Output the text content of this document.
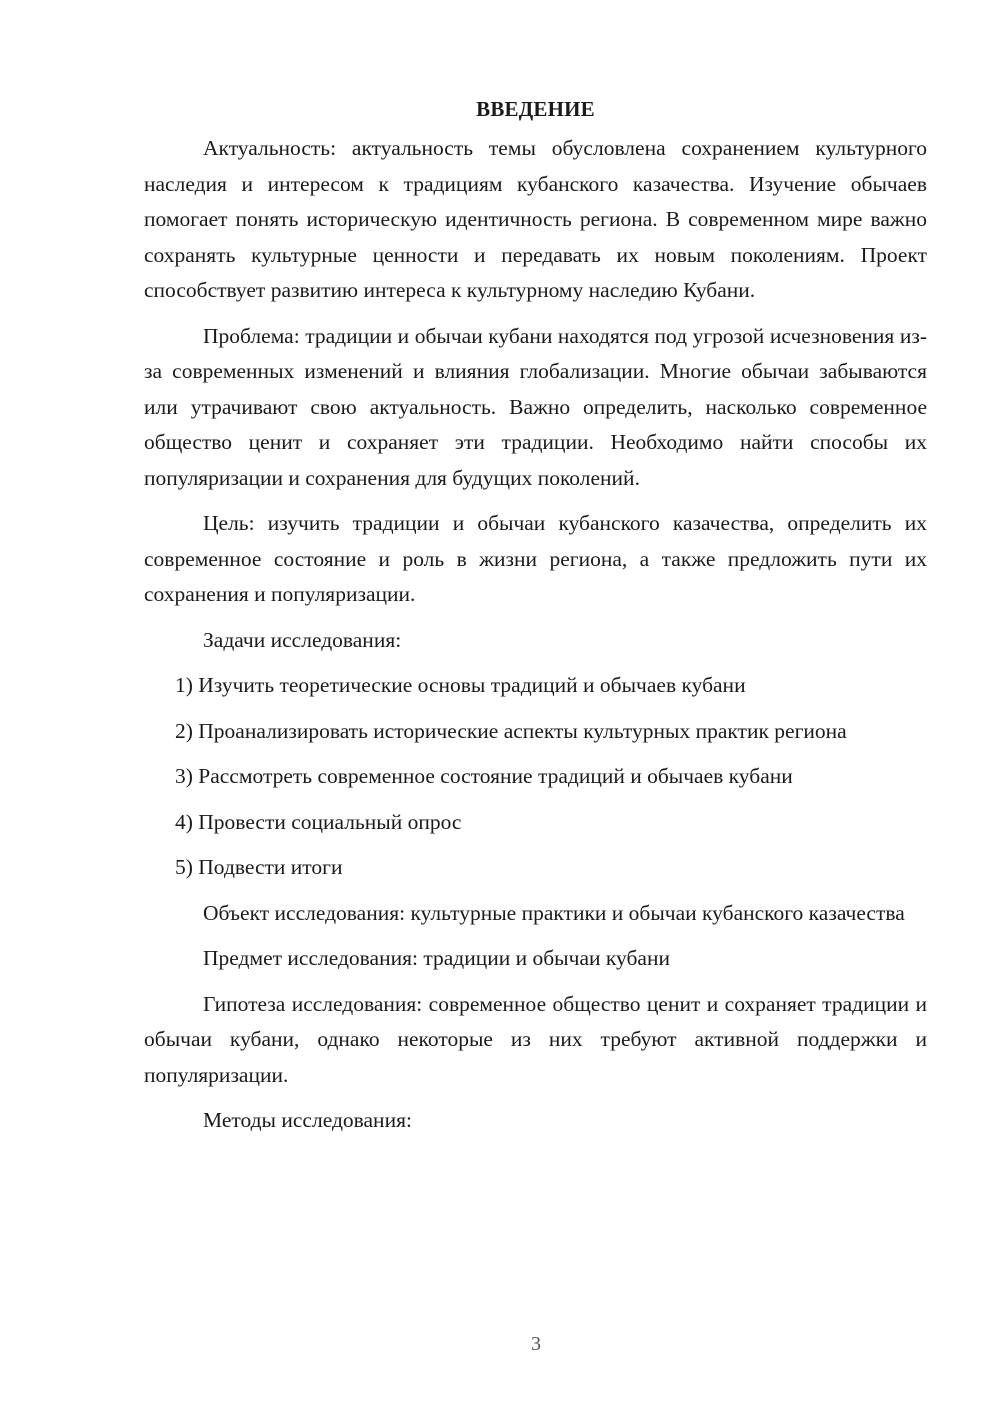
ВВЕДЕНИЕ

Актуальность: актуальность темы обусловлена сохранением культурного наследия и интересом к традициям кубанского казачества. Изучение обычаев помогает понять историческую идентичность региона. В современном мире важно сохранять культурные ценности и передавать их новым поколениям. Проект способствует развитию интереса к культурному наследию Кубани.

Проблема: традиции и обычаи кубани находятся под угрозой исчезновения из-за современных изменений и влияния глобализации. Многие обычаи забываются или утрачивают свою актуальность. Важно определить, насколько современное общество ценит и сохраняет эти традиции. Необходимо найти способы их популяризации и сохранения для будущих поколений.

Цель: изучить традиции и обычаи кубанского казачества, определить их современное состояние и роль в жизни региона, а также предложить пути их сохранения и популяризации.

Задачи исследования:

1) Изучить теоретические основы традиций и обычаев кубани

2) Проанализировать исторические аспекты культурных практик региона

3) Рассмотреть современное состояние традиций и обычаев кубани

4) Провести социальный опрос

5) Подвести итоги

Объект исследования: культурные практики и обычаи кубанского казачества

Предмет исследования: традиции и обычаи кубани

Гипотеза исследования: современное общество ценит и сохраняет традиции и обычаи кубани, однако некоторые из них требуют активной поддержки и популяризации.

Методы исследования:

3
